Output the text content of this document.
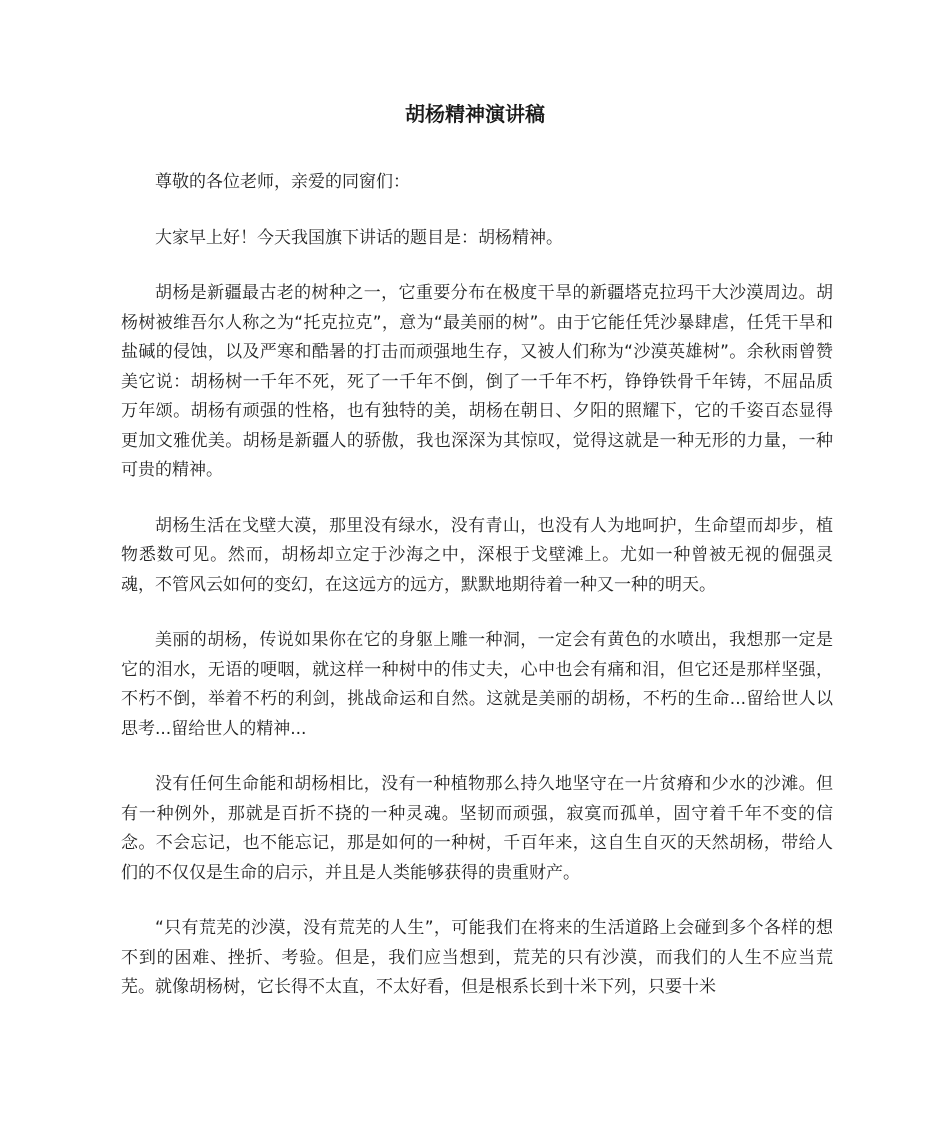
胡杨精神演讲稿

尊敬的各位老师，亲爱的同窗们：

大家早上好！今天我国旗下讲话的题目是：胡杨精神。

胡杨是新疆最古老的树种之一，它重要分布在极度干旱的新疆塔克拉玛干大沙漠周边。胡杨树被维吾尔人称之为“托克拉克”，意为“最美丽的树”。由于它能任凭沙暴肆虐，任凭干旱和盐碱的侵蚀，以及严寒和酷暑的打击而顽强地生存，又被人们称为“沙漠英雄树”。余秋雨曾赞美它说：胡杨树一千年不死，死了一千年不倒，倒了一千年不朽，铮铮铁骨千年铸，不屈品质万年颂。胡杨有顽强的性格，也有独特的美，胡杨在朝日、夕阳的照耀下，它的千姿百态显得更加文雅优美。胡杨是新疆人的骄傲，我也深深为其惊叹，觉得这就是一种无形的力量，一种可贵的精神。

胡杨生活在戈壁大漠，那里没有绿水，没有青山，也没有人为地呵护，生命望而却步，植物悉数可见。然而，胡杨却立定于沙海之中，深根于戈壁滩上。尤如一种曾被无视的倔强灵魂，不管风云如何的变幻，在这远方的远方，默默地期待着一种又一种的明天。

美丽的胡杨，传说如果你在它的身躯上雕一种洞，一定会有黄色的水喷出，我想那一定是它的泪水，无语的哽咽，就这样一种树中的伟丈夫，心中也会有痛和泪，但它还是那样坚强，不朽不倒，举着不朽的利剑，挑战命运和自然。这就是美丽的胡杨，不朽的生命...留给世人以思考...留给世人的精神...

没有任何生命能和胡杨相比，没有一种植物那么持久地坚守在一片贫瘠和少水的沙滩。但有一种例外，那就是百折不挠的一种灵魂。坚韧而顽强，寂寞而孤单，固守着千年不变的信念。不会忘记，也不能忘记，那是如何的一种树，千百年来，这自生自灭的天然胡杨，带给人们的不仅仅是生命的启示，并且是人类能够获得的贵重财产。

“只有荒芜的沙漠，没有荒芜的人生”，可能我们在将来的生活道路上会碰到多个各样的想不到的困难、挫折、考验。但是，我们应当想到，荒芜的只有沙漠，而我们的人生不应当荒芜。就像胡杨树，它长得不太直，不太好看，但是根系长到十米下列，只要十米
